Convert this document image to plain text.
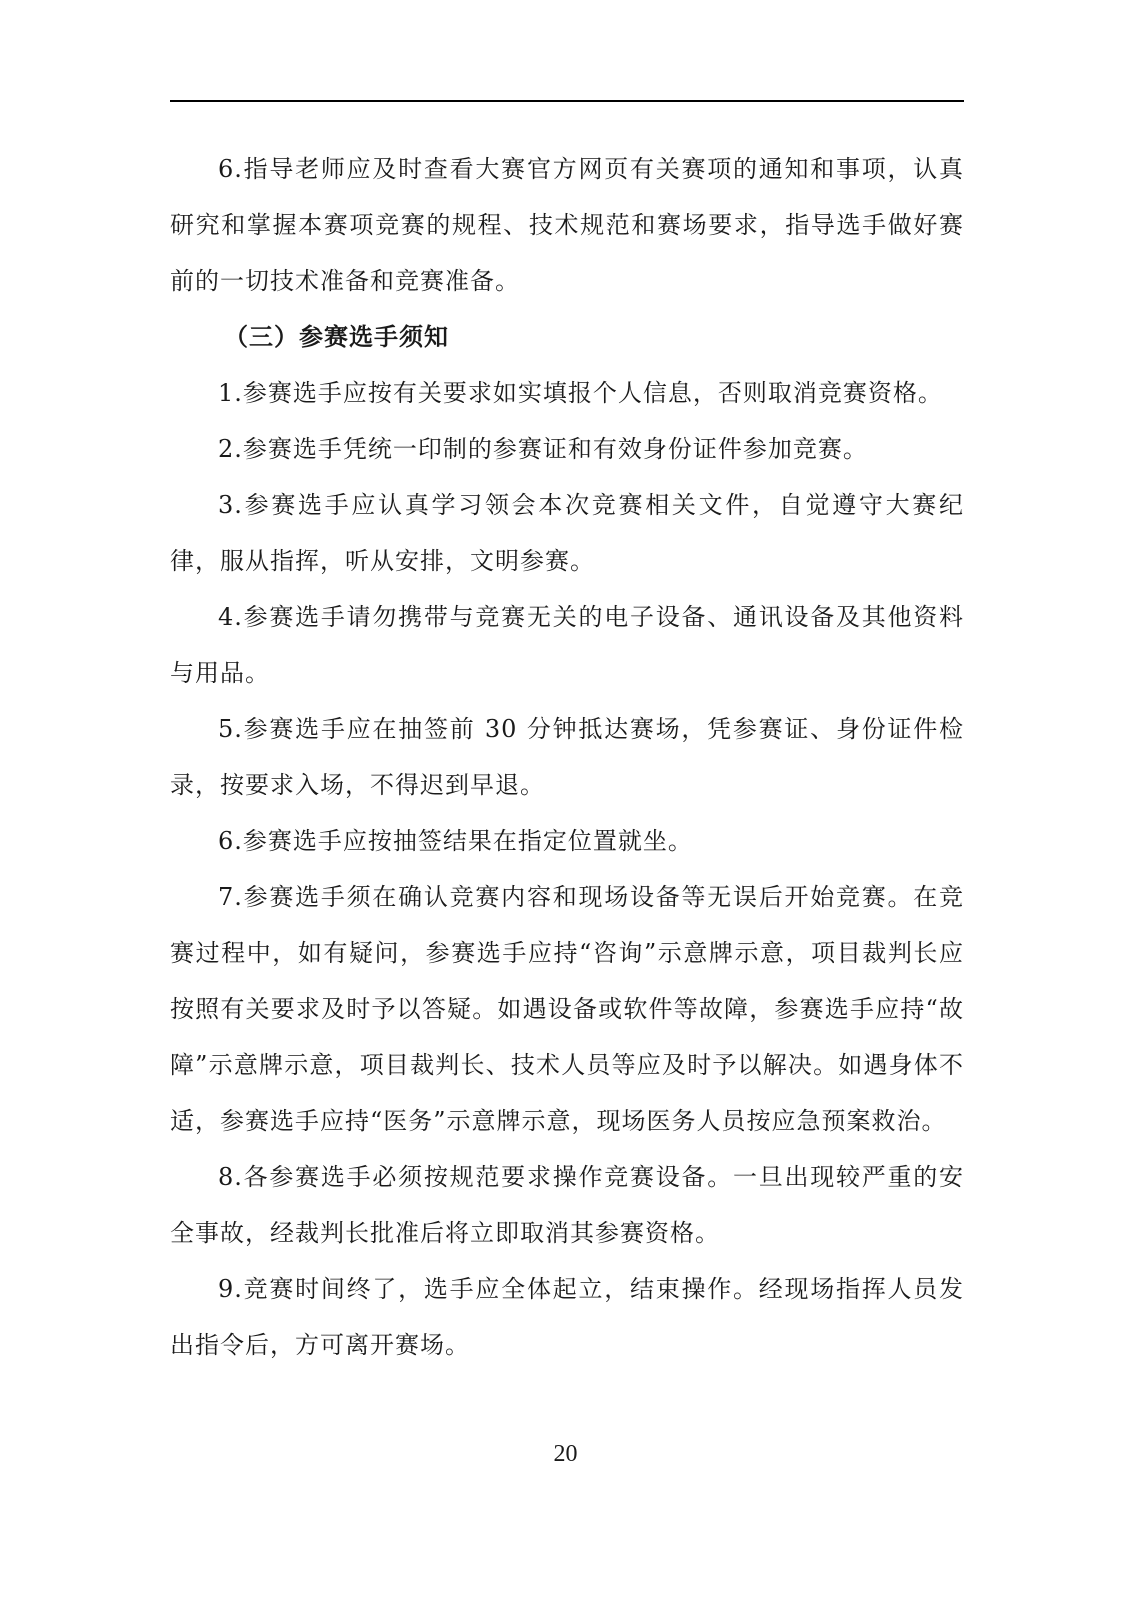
6.指导老师应及时查看大赛官方网页有关赛项的通知和事项，认真研究和掌握本赛项竞赛的规程、技术规范和赛场要求，指导选手做好赛前的一切技术准备和竞赛准备。

（三）参赛选手须知

1.参赛选手应按有关要求如实填报个人信息，否则取消竞赛资格。

2.参赛选手凭统一印制的参赛证和有效身份证件参加竞赛。

3.参赛选手应认真学习领会本次竞赛相关文件，自觉遵守大赛纪律，服从指挥，听从安排，文明参赛。

4.参赛选手请勿携带与竞赛无关的电子设备、通讯设备及其他资料与用品。

5.参赛选手应在抽签前 30 分钟抵达赛场，凭参赛证、身份证件检录，按要求入场，不得迟到早退。

6.参赛选手应按抽签结果在指定位置就坐。

7.参赛选手须在确认竞赛内容和现场设备等无误后开始竞赛。在竞赛过程中，如有疑问，参赛选手应持“咨询”示意牌示意，项目裁判长应按照有关要求及时予以答疑。如遇设备或软件等故障，参赛选手应持“故障”示意牌示意，项目裁判长、技术人员等应及时予以解决。如遇身体不适，参赛选手应持“医务”示意牌示意，现场医务人员按应急预案救治。

8.各参赛选手必须按规范要求操作竞赛设备。一旦出现较严重的安全事故，经裁判长批准后将立即取消其参赛资格。

9.竞赛时间终了，选手应全体起立，结束操作。经现场指挥人员发出指令后，方可离开赛场。

20
